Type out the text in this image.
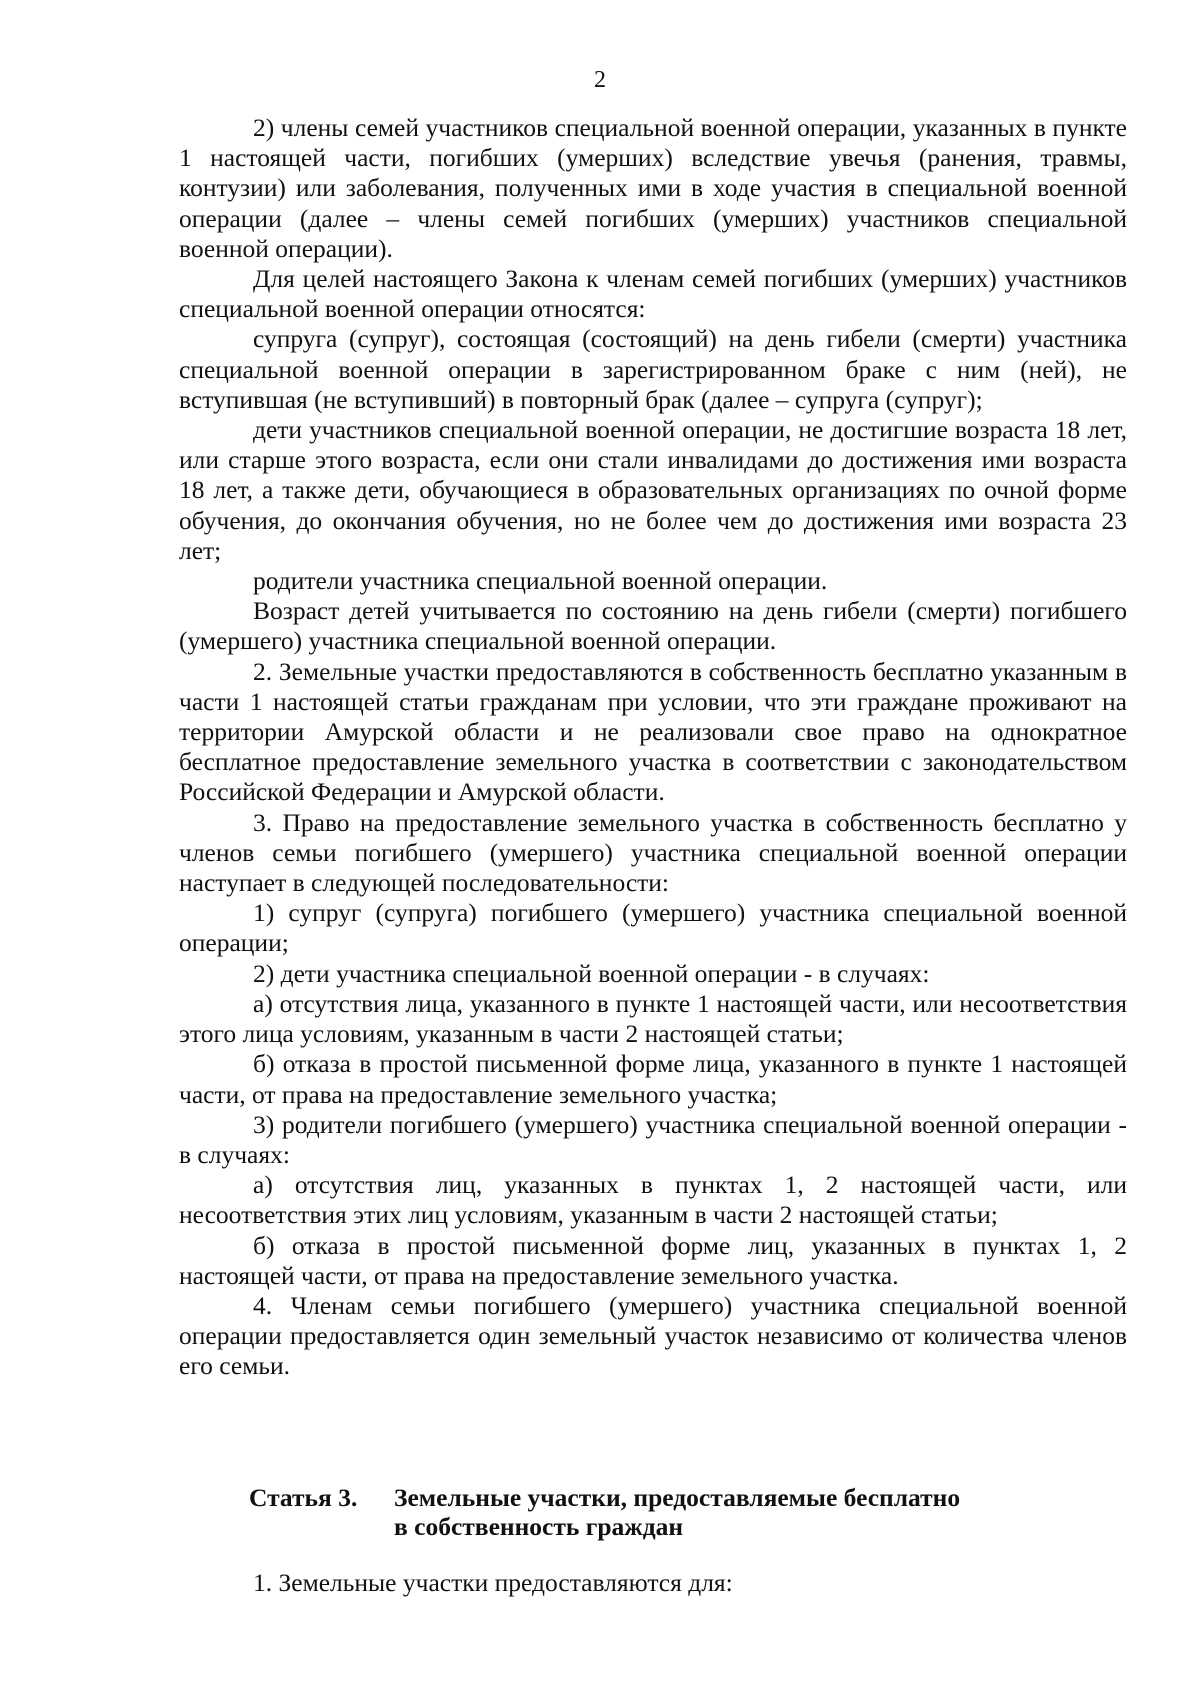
2

2) члены семей участников специальной военной операции, указанных в пункте 1 настоящей части, погибших (умерших) вследствие увечья (ранения, травмы, контузии) или заболевания, полученных ими в ходе участия в специальной военной операции (далее – члены семей погибших (умерших) участников специальной военной операции).

Для целей настоящего Закона к членам семей погибших (умерших) участников специальной военной операции относятся:

супруга (супруг), состоящая (состоящий) на день гибели (смерти) участника специальной военной операции в зарегистрированном браке с ним (ней), не вступившая (не вступивший) в повторный брак (далее – супруга (супруг);

дети участников специальной военной операции, не достигшие возраста 18 лет, или старше этого возраста, если они стали инвалидами до достижения ими возраста 18 лет, а также дети, обучающиеся в образовательных организациях по очной форме обучения, до окончания обучения, но не более чем до достижения ими возраста 23 лет;

родители участника специальной военной операции.

Возраст детей учитывается по состоянию на день гибели (смерти) погибшего (умершего) участника специальной военной операции.

2. Земельные участки предоставляются в собственность бесплатно указанным в части 1 настоящей статьи гражданам при условии, что эти граждане проживают на территории Амурской области и не реализовали свое право на однократное бесплатное предоставление земельного участка в соответствии с законодательством Российской Федерации и Амурской области.

3. Право на предоставление земельного участка в собственность бесплатно у членов семьи погибшего (умершего) участника специальной военной операции наступает в следующей последовательности:

1) супруг (супруга) погибшего (умершего) участника специальной военной операции;

2) дети участника специальной военной операции - в случаях:

а) отсутствия лица, указанного в пункте 1 настоящей части, или несоответствия этого лица условиям, указанным в части 2 настоящей статьи;

б) отказа в простой письменной форме лица, указанного в пункте 1 настоящей части, от права на предоставление земельного участка;

3) родители погибшего (умершего) участника специальной военной операции - в случаях:

а) отсутствия лиц, указанных в пунктах 1, 2 настоящей части, или несоответствия этих лиц условиям, указанным в части 2 настоящей статьи;

б) отказа в простой письменной форме лиц, указанных в пунктах 1, 2 настоящей части, от права на предоставление земельного участка.

4. Членам семьи погибшего (умершего) участника специальной военной операции предоставляется один земельный участок независимо от количества членов его семьи.

Статья 3.	Земельные участки, предоставляемые бесплатно
в собственность граждан
1. Земельные участки предоставляются для:
